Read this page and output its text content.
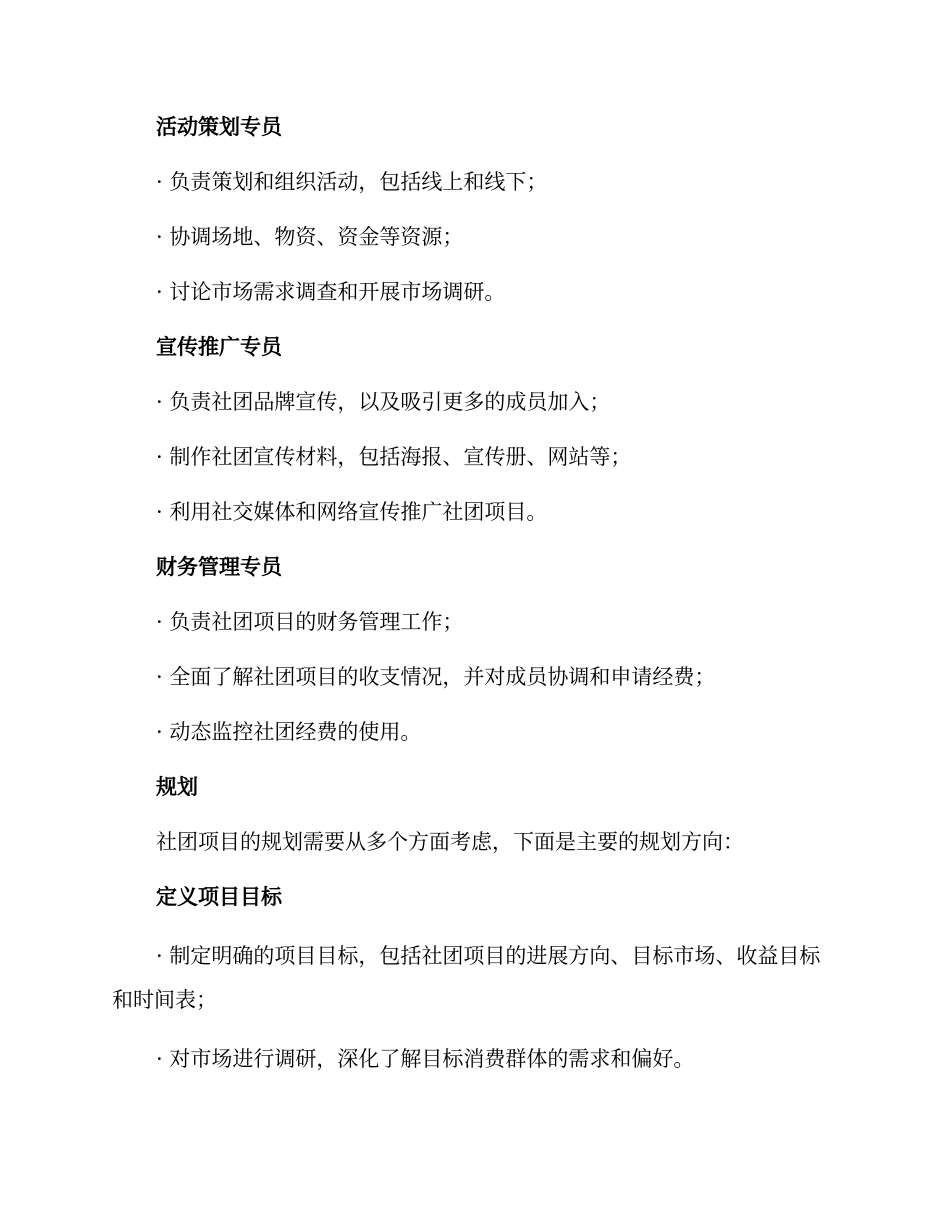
活动策划专员
· 负责策划和组织活动，包括线上和线下；
· 协调场地、物资、资金等资源；
· 讨论市场需求调查和开展市场调研。
宣传推广专员
· 负责社团品牌宣传，以及吸引更多的成员加入；
· 制作社团宣传材料，包括海报、宣传册、网站等；
· 利用社交媒体和网络宣传推广社团项目。
财务管理专员
· 负责社团项目的财务管理工作；
· 全面了解社团项目的收支情况，并对成员协调和申请经费；
· 动态监控社团经费的使用。
规划
社团项目的规划需要从多个方面考虑，下面是主要的规划方向：
定义项目目标
· 制定明确的项目目标，包括社团项目的进展方向、目标市场、收益目标和时间表；
· 对市场进行调研，深化了解目标消费群体的需求和偏好。
